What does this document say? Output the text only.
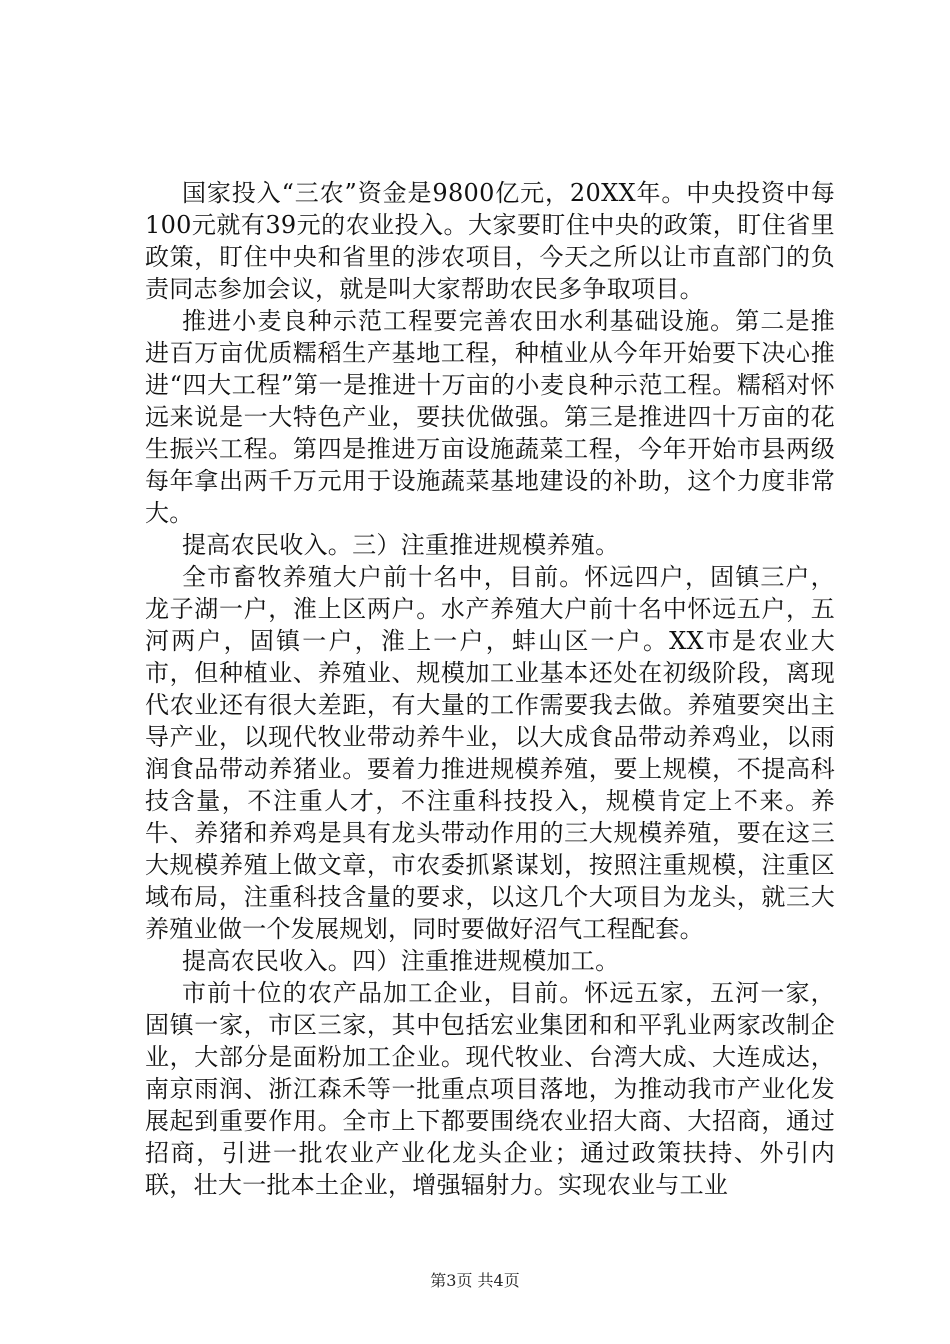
国家投入“三农”资金是9800亿元，20XX年。中央投资中每100元就有39元的农业投入。大家要盯住中央的政策，盯住省里政策，盯住中央和省里的涉农项目，今天之所以让市直部门的负责同志参加会议，就是叫大家帮助农民多争取项目。

推进小麦良种示范工程要完善农田水利基础设施。第二是推进百万亩优质糯稻生产基地工程，种植业从今年开始要下决心推进“四大工程”第一是推进十万亩的小麦良种示范工程。糯稻对怀远来说是一大特色产业，要扶优做强。第三是推进四十万亩的花生振兴工程。第四是推进万亩设施蔬菜工程，今年开始市县两级每年拿出两千万元用于设施蔬菜基地建设的补助，这个力度非常大。

提高农民收入。三）注重推进规模养殖。

全市畜牧养殖大户前十名中，目前。怀远四户，固镇三户，龙子湖一户，淮上区两户。水产养殖大户前十名中怀远五户，五河两户，固镇一户，淮上一户，蚌山区一户。XX市是农业大市，但种植业、养殖业、规模加工业基本还处在初级阶段，离现代农业还有很大差距，有大量的工作需要我去做。养殖要突出主导产业，以现代牧业带动养牛业，以大成食品带动养鸡业，以雨润食品带动养猪业。要着力推进规模养殖，要上规模，不提高科技含量，不注重人才，不注重科技投入，规模肯定上不来。养牛、养猪和养鸡是具有龙头带动作用的三大规模养殖，要在这三大规模养殖上做文章，市农委抓紧谋划，按照注重规模，注重区域布局，注重科技含量的要求，以这几个大项目为龙头，就三大养殖业做一个发展规划，同时要做好沼气工程配套。

提高农民收入。四）注重推进规模加工。

市前十位的农产品加工企业，目前。怀远五家，五河一家，固镇一家，市区三家，其中包括宏业集团和和平乳业两家改制企业，大部分是面粉加工企业。现代牧业、台湾大成、大连成达，南京雨润、浙江森禾等一批重点项目落地，为推动我市产业化发展起到重要作用。全市上下都要围绕农业招大商、大招商，通过招商，引进一批农业产业化龙头企业；通过政策扶持、外引内联，壮大一批本土企业，增强辐射力。实现农业与工业

第3页 共4页
